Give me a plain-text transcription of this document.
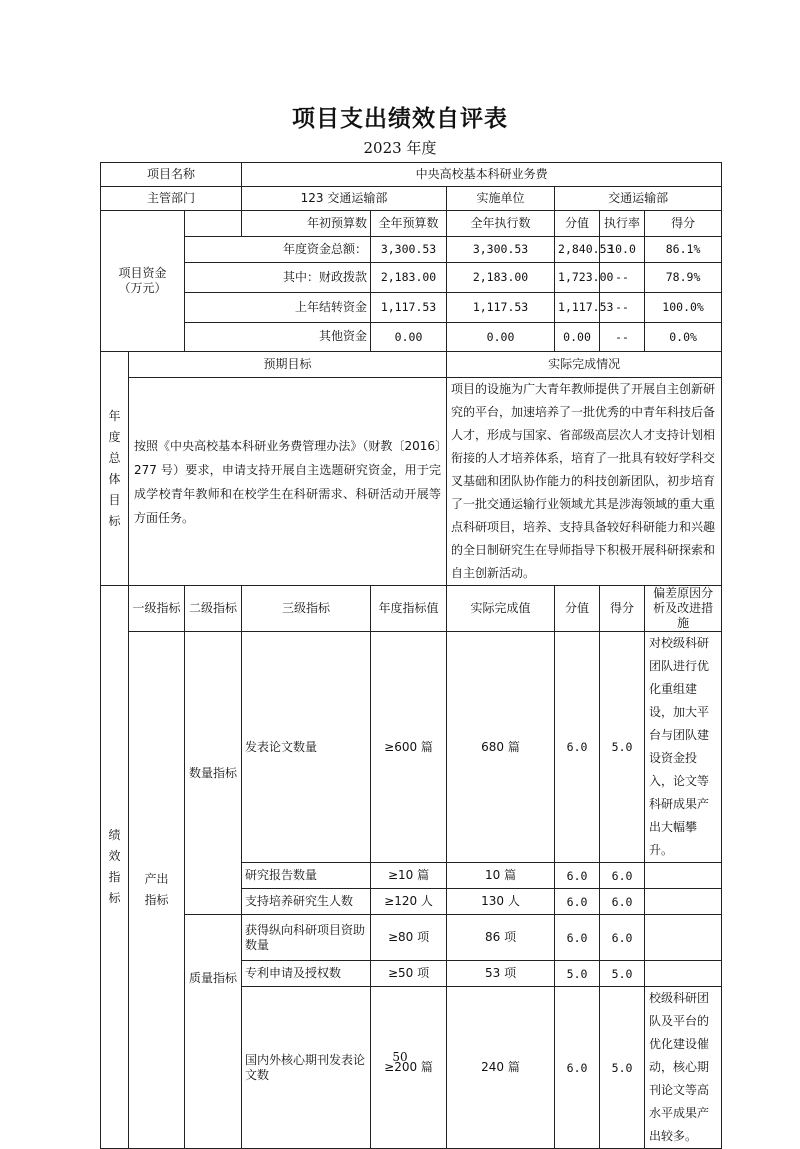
项目支出绩效自评表
2023 年度
项目名称			中央高校基本科研业务费						
主管部门			123 交通运输部		实施单位	交通运输部			
项目资金（万元）			年初预算数	全年预算数	全年执行数	分值	执行率	得分	
		年度资金总额：		3,300.53	3,300.53	2,840.53	10.0	86.1%	
		其中：财政拨款		2,183.00	2,183.00	1,723.00	--	78.9%	
		上年结转资金		1,117.53	1,117.53	1,117.53	--	100.0%	
		其他资金		0.00	0.00	0.00	--	0.0%	
年度总体目标	预期目标				实际完成情况				
	按照《中央高校基本科研业务费管理办法》（财教〔2016〕277 号）要求，申请支持开展自主选题研究资金，用于完成学校青年教师和在校学生在科研需求、科研活动开展等方面任务。				项目的设施为广大青年教师提供了开展自主创新研究的平台，加速培养了一批优秀的中青年科技后备人才，形成与国家、省部级高层次人才支持计划相衔接的人才培养体系，培育了一批具有较好学科交叉基础和团队协作能力的科技创新团队，初步培育了一批交通运输行业领域尤其是涉海领域的重大重点科研项目，培养、支持具备较好科研能力和兴趣的全日制研究生在导师指导下积极开展科研探索和自主创新活动。				
绩效指标	一级指标	二级指标	三级指标	年度指标值	实际完成值	分值	得分	偏差原因分析及改进措施	
	产出指标	数量指标	发表论文数量	≥600 篇	680 篇	6.0	5.0	对校级科研团队进行优化重组建设，加大平台与团队建设资金投入，论文等科研成果产出大幅攀升。	
			研究报告数量	≥10 篇	10 篇	6.0	6.0		
			支持培养研究生人数	≥120 人	130 人	6.0	6.0		
		质量指标	获得纵向科研项目资助数量	≥80 项	86 项	6.0	6.0		
			专利申请及授权数	≥50 项	53 项	5.0	5.0		
			国内外核心期刊发表论文数	≥200 篇	240 篇	6.0	5.0	校级科研团队及平台的优化建设催动，核心期刊论文等高水平成果产出较多。	
50
